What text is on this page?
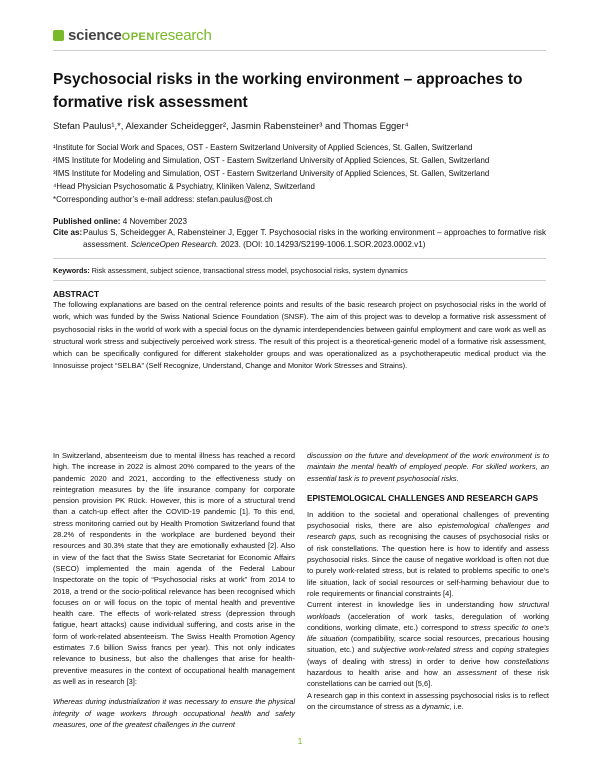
scienceOPENresearch
Psychosocial risks in the working environment – approaches to formative risk assessment
Stefan Paulus¹,*, Alexander Scheidegger², Jasmin Rabensteiner³ and Thomas Egger⁴
¹Institute for Social Work and Spaces, OST - Eastern Switzerland University of Applied Sciences, St. Gallen, Switzerland
²IMS Institute for Modeling and Simulation, OST - Eastern Switzerland University of Applied Sciences, St. Gallen, Switzerland
³IMS Institute for Modeling and Simulation, OST - Eastern Switzerland University of Applied Sciences, St. Gallen, Switzerland
⁴Head Physician Psychosomatic & Psychiatry, Kliniken Valenz, Switzerland
*Corresponding author’s e-mail address: stefan.paulus@ost.ch
Published online: 4 November 2023
Cite as: Paulus S, Scheidegger A, Rabensteiner J, Egger T. Psychosocial risks in the working environment – approaches to formative risk assessment. ScienceOpen Research. 2023. (DOI: 10.14293/S2199-1006.1.SOR.2023.0002.v1)
Keywords: Risk assessment, subject science, transactional stress model, psychosocial risks, system dynamics
ABSTRACT
The following explanations are based on the central reference points and results of the basic research project on psychosocial risks in the world of work, which was funded by the Swiss National Science Foundation (SNSF). The aim of this project was to develop a formative risk assessment of psychosocial risks in the world of work with a special focus on the dynamic interdependencies between gainful employment and care work as well as structural work stress and subjectively perceived work stress. The result of this project is a theoretical-generic model of a formative risk assessment, which can be specifically configured for different stakeholder groups and was operationalized as a psychotherapeutic medical product via the Innosuisse project “SELBA” (Self Recognize, Understand, Change and Monitor Work Stresses and Strains).

In Switzerland, absenteeism due to mental illness has reached a record high. The increase in 2022 is almost 20% compared to the years of the pandemic 2020 and 2021, according to the effectiveness study on reintegration measures by the life insurance company for corporate pension provision PK Rück. However, this is more of a structural trend than a catch-up effect after the COVID-19 pandemic [1]. To this end, stress monitoring carried out by Health Promotion Switzerland found that 28.2% of respondents in the workplace are burdened beyond their resources and 30.3% state that they are emotionally exhausted [2]. Also in view of the fact that the Swiss State Secretariat for Economic Affairs (SECO) implemented the main agenda of the Federal Labour Inspectorate on the topic of “Psychosocial risks at work” from 2014 to 2018, a trend or the socio-political relevance has been recognised which focuses on or will focus on the topic of mental health and preventive health care. The effects of work-related stress (depression through fatigue, heart attacks) cause individual suffering, and costs arise in the form of work-related absenteeism. The Swiss Health Promotion Agency estimates 7.6 billion Swiss francs per year). This not only indicates relevance to business, but also the challenges that arise for health-preventive measures in the context of occupational health management as well as in research [3]:

Whereas during industrialization it was necessary to ensure the physical integrity of wage workers through occupational health and safety measures, one of the greatest challenges in the current

discussion on the future and development of the work environment is to maintain the mental health of employed people. For skilled workers, an essential task is to prevent psychosocial risks.

EPISTEMOLOGICAL CHALLENGES AND RESEARCH GAPS

In addition to the societal and operational challenges of preventing psychosocial risks, there are also epistemological challenges and research gaps, such as recognising the causes of psychosocial risks or of risk constellations. The question here is how to identify and assess psychosocial risks. Since the cause of negative workload is often not due to purely work-related stress, but is related to problems specific to one’s life situation, lack of social resources or self-harming behaviour due to role requirements or financial constraints [4].

Current interest in knowledge lies in understanding how structural workloads (acceleration of work tasks, deregulation of working conditions, working climate, etc.) correspond to stress specific to one’s life situation (compatibility, scarce social resources, precarious housing situation, etc.) and subjective work-related stress and coping strategies (ways of dealing with stress) in order to derive how constellations hazardous to health arise and how an assessment of these risk constellations can be carried out [5,6].

A research gap in this context in assessing psychosocial risks is to reflect on the circumstance of stress as a dynamic, i.e.

1
